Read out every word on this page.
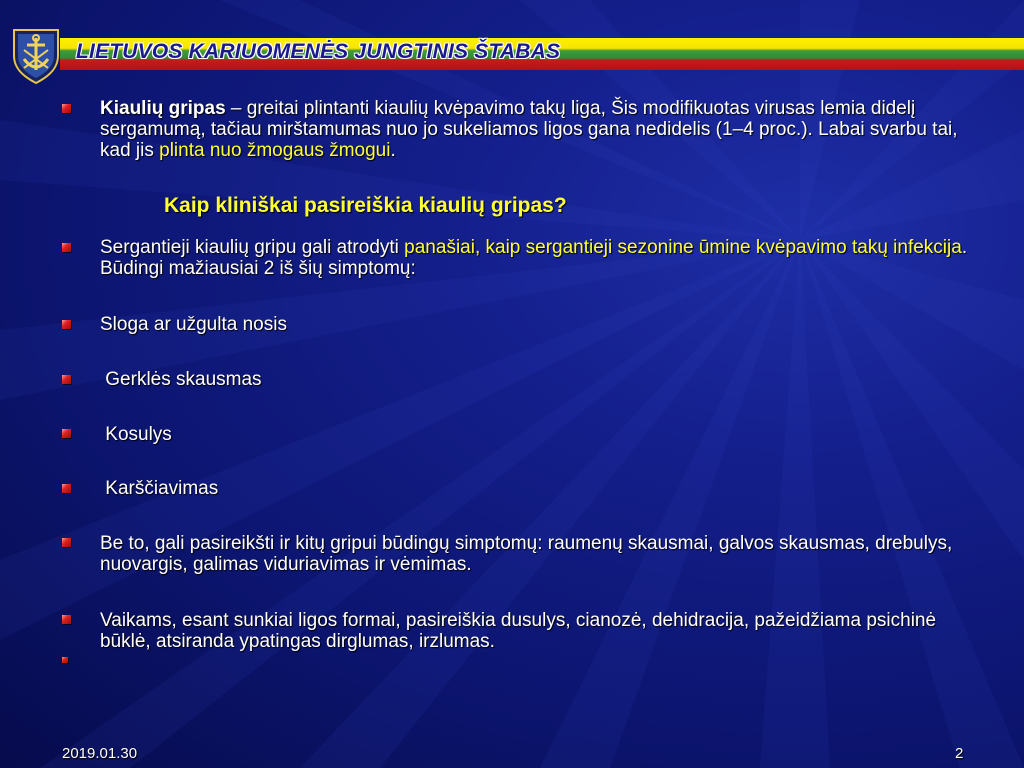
LIETUVOS KARIUOMENĖS JUNGTINIS ŠTABAS

Kiaulių gripas – greitai plintanti kiaulių kvėpavimo takų liga, Šis modifikuotas virusas lemia didelį sergamumą, tačiau mirštamumas nuo jo sukeliamos ligos gana nedidelis (1–4 proc.). Labai svarbu tai, kad jis plinta nuo žmogaus žmogui.

Kaip kliniškai pasireiškia kiaulių gripas?

Sergantieji kiaulių gripu gali atrodyti panašiai, kaip sergantieji sezonine ūmine kvėpavimo takų infekcija. Būdingi mažiausiai 2 iš šių simptomų:

Sloga ar užgulta nosis

Gerklės skausmas

Kosulys

Karščiavimas

Be to, gali pasireikšti ir kitų gripui būdingų simptomų: raumenų skausmai, galvos skausmas, drebulys, nuovargis, galimas viduriavimas ir vėmimas.

Vaikams, esant sunkiai ligos formai, pasireiškia dusulys, cianozė, dehidracija, pažeidžiama psichinė būklė, atsiranda ypatingas dirglumas, irzlumas.

2019.01.30	2
